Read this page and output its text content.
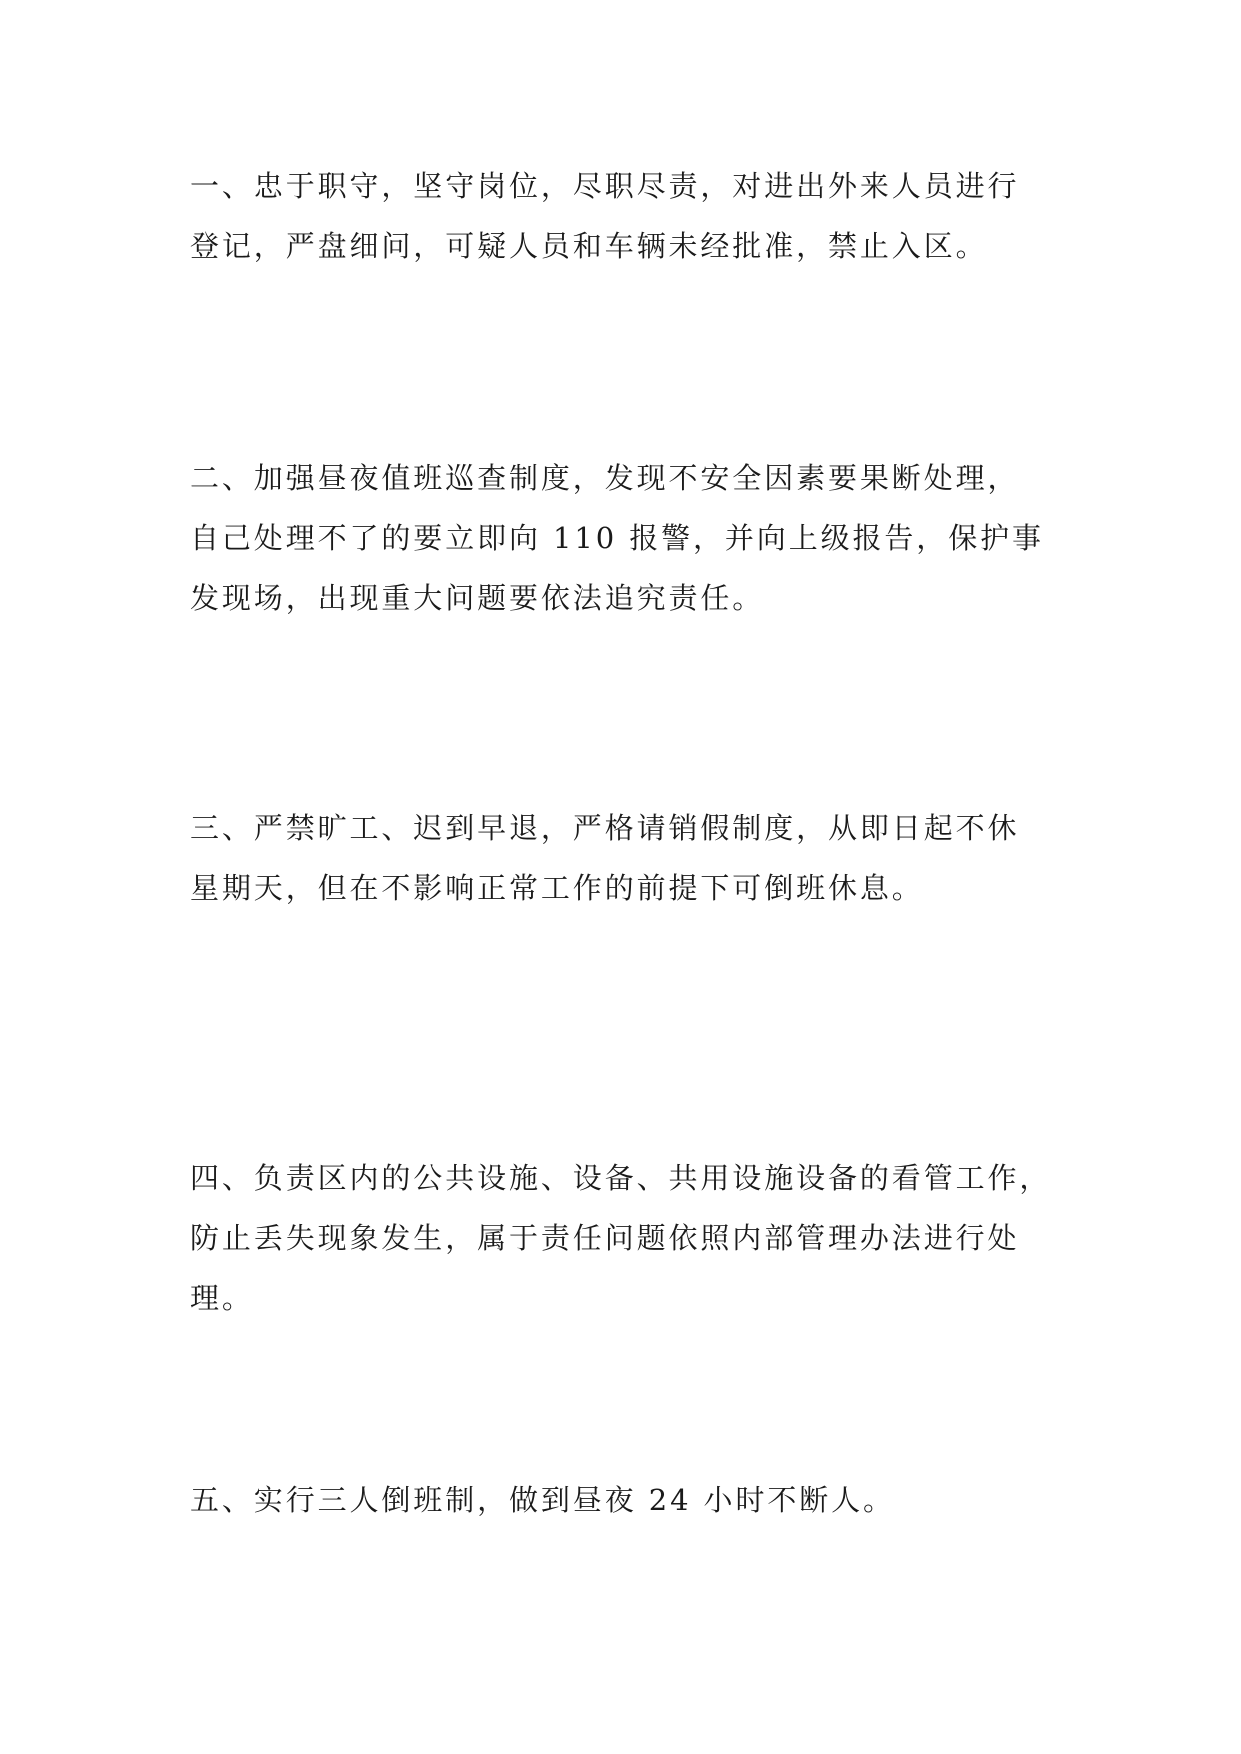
一、忠于职守，坚守岗位，尽职尽责，对进出外来人员进行
登记，严盘细问，可疑人员和车辆未经批准，禁止入区。

二、加强昼夜值班巡查制度，发现不安全因素要果断处理，
自己处理不了的要立即向 110 报警，并向上级报告，保护事
发现场，出现重大问题要依法追究责任。

三、严禁旷工、迟到早退，严格请销假制度，从即日起不休
星期天，但在不影响正常工作的前提下可倒班休息。

四、负责区内的公共设施、设备、共用设施设备的看管工作，
防止丢失现象发生，属于责任问题依照内部管理办法进行处
理。

五、实行三人倒班制，做到昼夜 24 小时不断人。
